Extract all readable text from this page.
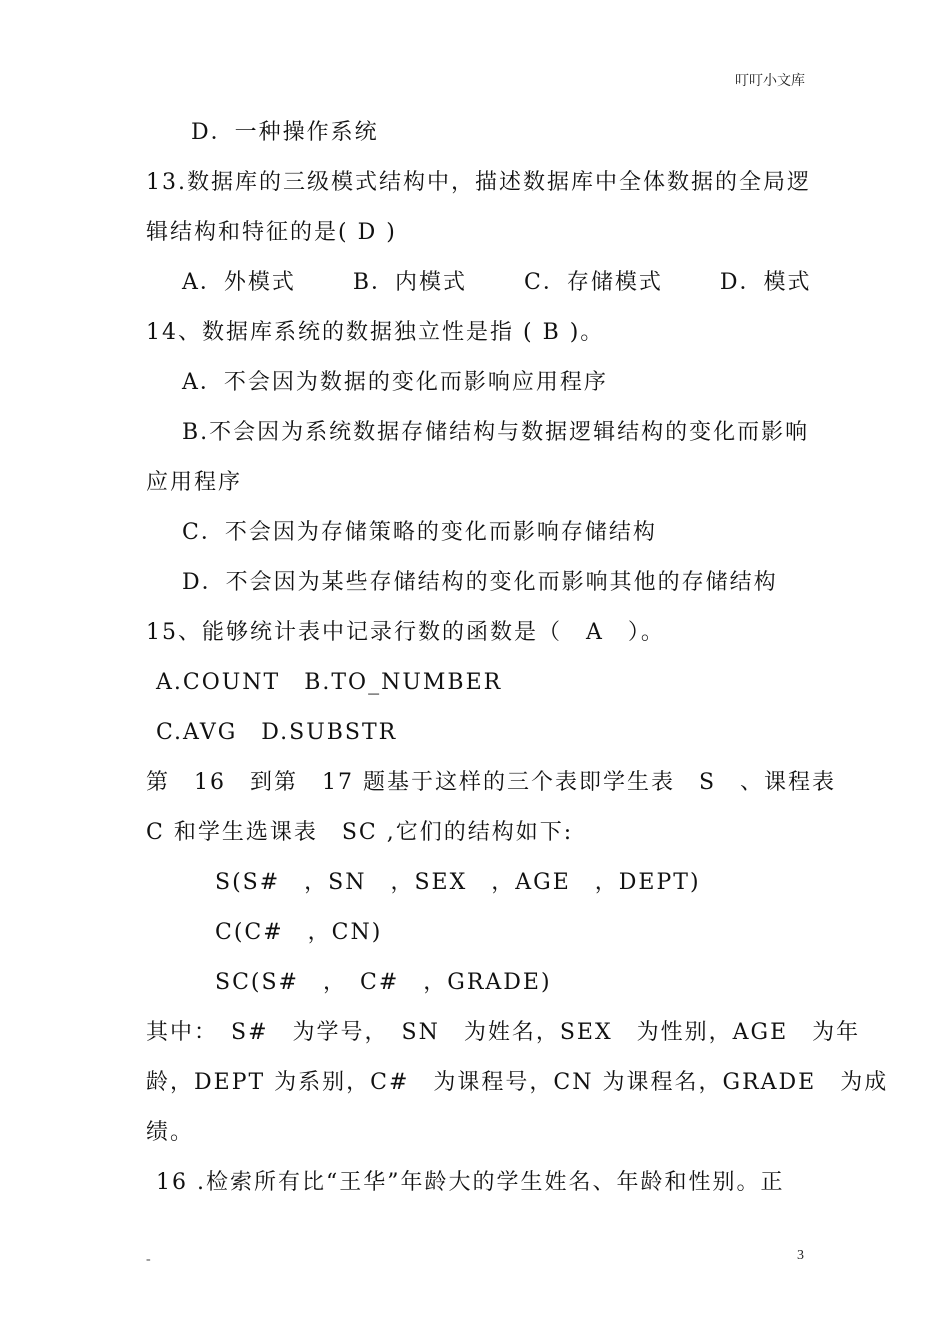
叮叮小文库
D．一种操作系统
13.数据库的三级模式结构中，描述数据库中全体数据的全局逻
辑结构和特征的是( D )
A．外模式　　 B．内模式　　 C．存储模式　　 D．模式
14、数据库系统的数据独立性是指 ( B )。
A．不会因为数据的变化而影响应用程序
B.不会因为系统数据存储结构与数据逻辑结构的变化而影响
应用程序
C．不会因为存储策略的变化而影响存储结构
D．不会因为某些存储结构的变化而影响其他的存储结构
15、能够统计表中记录行数的函数是（　A　）。
A.COUNT　B.TO_NUMBER
C.AVG　D.SUBSTR
第　16　到第　17 题基于这样的三个表即学生表　S　、课程表
C 和学生选课表　SC ,它们的结构如下:
S(S#　，SN　，SEX　，AGE　，DEPT)
C(C#　，CN)
SC(S#　，　C#　，GRADE)
其中：　S#　为学号，　SN　为姓名，SEX　为性别，AGE　为年
龄，DEPT 为系别，C#　为课程号，CN 为课程名，GRADE　为成
绩。
16 .检索所有比“王华”年龄大的学生姓名、年龄和性别。正
-	3
